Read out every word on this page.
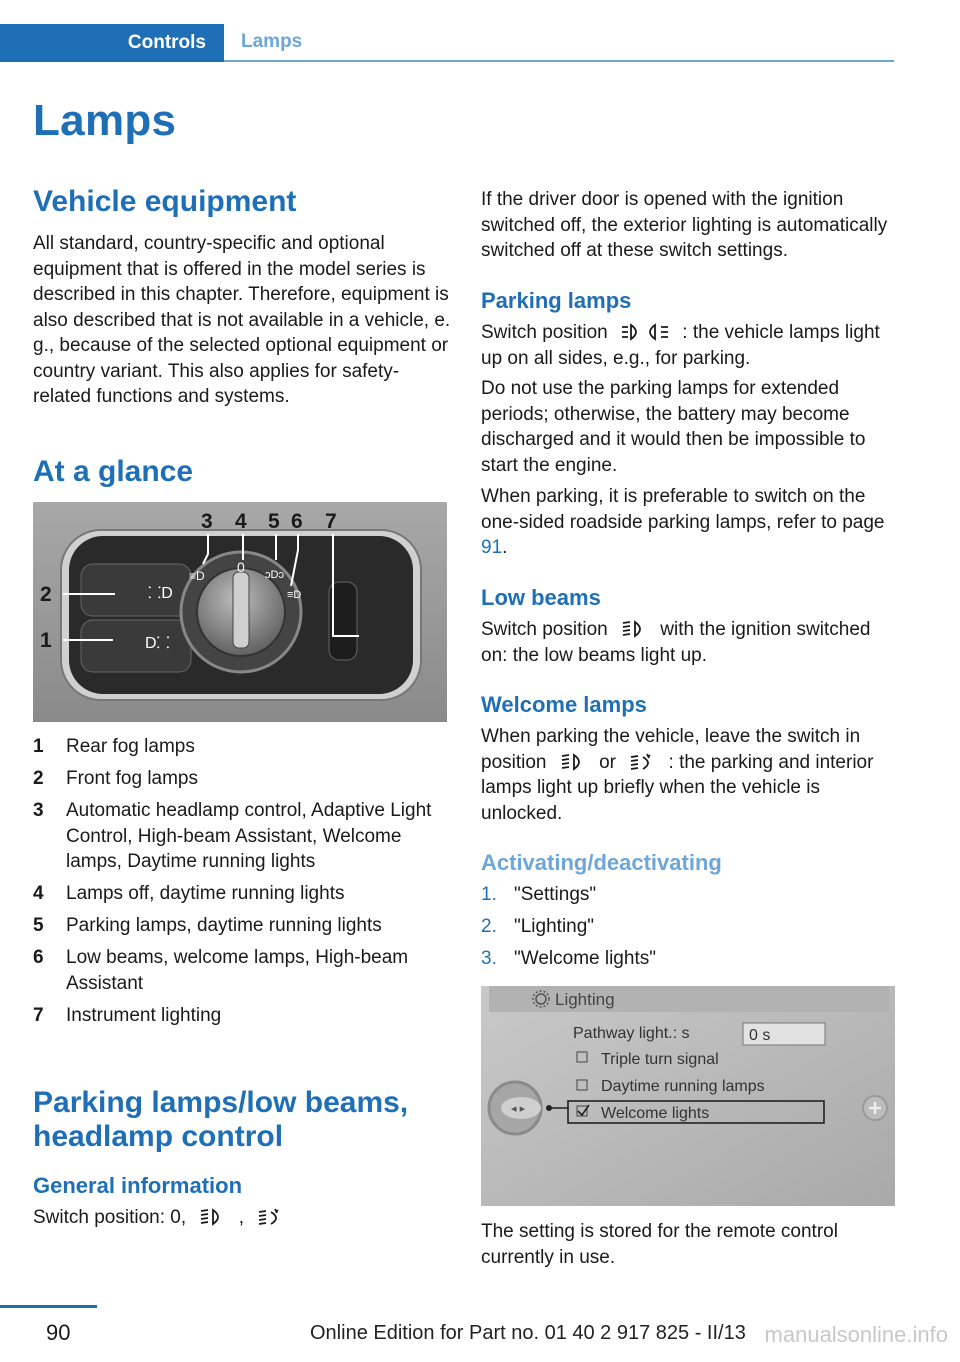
Controls Lamps
Lamps
Vehicle equipment

All standard, country-specific and optional equipment that is offered in the model series is described in this chapter. Therefore, equipment is also described that is not available in a vehicle, e. g., because of the selected optional equipment or country variant. This also applies for safety-related functions and systems.

At a glance
⸬D
D⸬
≡D
0 ↄDↄ
≡D
3 4 5 6 7
2
1
1 Rear fog lamps
2 Front fog lamps
3 Automatic headlamp control, Adaptive Light Control, High-beam Assistant, Welcome lamps, Daytime running lights
4 Lamps off, daytime running lights
5 Parking lamps, daytime running lights
6 Low beams, welcome lamps, High-beam Assistant
7 Instrument lighting
Parking lamps/low beams, headlamp control
General information

Switch position: 0,	,

If the driver door is opened with the ignition switched off, the exterior lighting is automatically switched off at these switch settings.

Parking lamps

Switch position	: the vehicle lamps light up on all sides, e.g., for parking.

Do not use the parking lamps for extended periods; otherwise, the battery may become discharged and it would then be impossible to start the engine.

When parking, it is preferable to switch on the one-sided roadside parking lamps, refer to page 91.

Low beams

Switch position	with the ignition switched on: the low beams light up.

Welcome lamps

When parking the vehicle, leave the switch in position	or	: the parking and interior lamps light up briefly when the vehicle is unlocked.

Activating/deactivating
1. "Settings"
2. "Lighting"
3. "Welcome lights"
Lighting
Pathway light.: s	0 s
Triple turn signal
Daytime running lamps
Welcome lights
◂ ▸

The setting is stored for the remote control currently in use.

90	Online Edition for Part no. 01 40 2 917 825 - II/13 manualsonline.info
